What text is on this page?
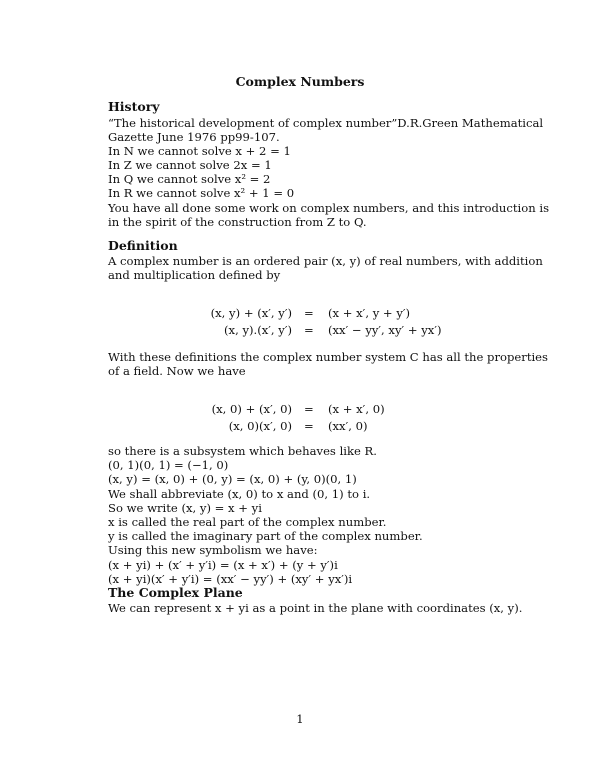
Complex Numbers
History
“The historical development of complex number”D.R.Green Mathematical
Gazette June 1976 pp99-107.
In N we cannot solve x + 2 = 1
In Z we cannot solve 2x = 1
In Q we cannot solve x² = 2
In R we cannot solve x² + 1 = 0
You have all done some work on complex numbers, and this introduction is
in the spirit of the construction from Z to Q.
Definition
A complex number is an ordered pair (x, y) of real numbers, with addition
and multiplication defined by
(x, y) + (x′, y′) = (x + x′, y + y′)
(x, y).(x′, y′) = (xx′ − yy′, xy′ + yx′)
With these definitions the complex number system C has all the properties
of a field. Now we have
(x, 0) + (x′, 0) = (x + x′, 0)
(x, 0)(x′, 0) = (xx′, 0)
so there is a subsystem which behaves like R.
(0, 1)(0, 1) = (−1, 0)
(x, y) = (x, 0) + (0, y) = (x, 0) + (y, 0)(0, 1)
We shall abbreviate (x, 0) to x and (0, 1) to i.
So we write (x, y) = x + yi
x is called the real part of the complex number.
y is called the imaginary part of the complex number.
Using this new symbolism we have:
(x + yi) + (x′ + y′i) = (x + x′) + (y + y′)i
(x + yi)(x′ + y′i) = (xx′ − yy′) + (xy′ + yx′)i
The Complex Plane
We can represent x + yi as a point in the plane with coordinates (x, y).
1
